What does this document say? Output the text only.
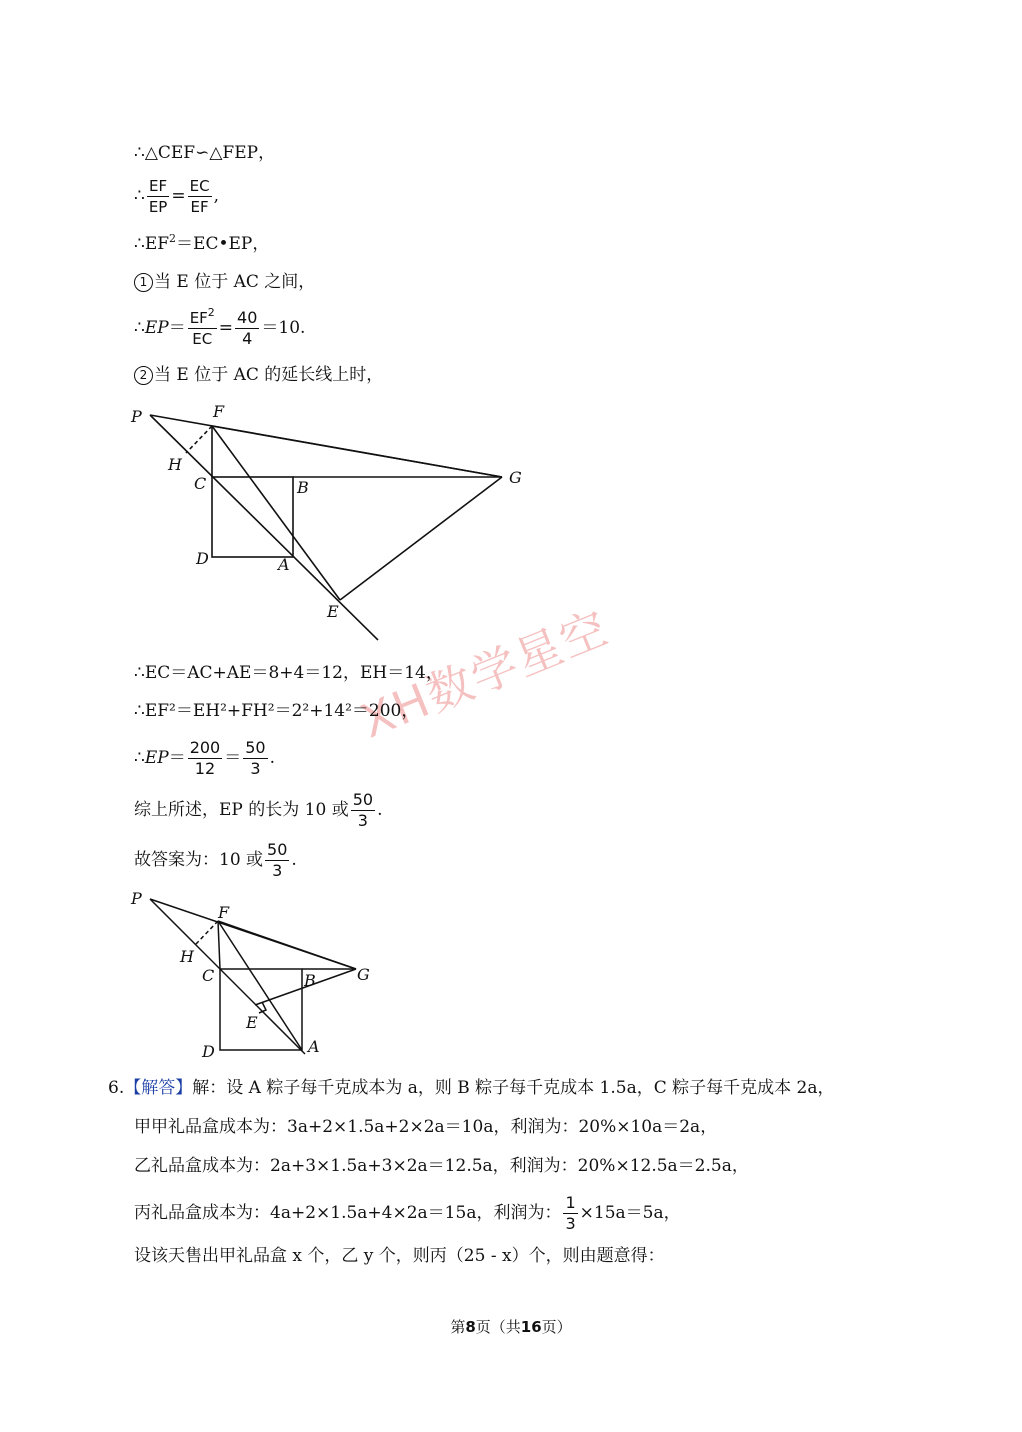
XH数学星空
∴△CEF∽△FEP，
∴ $\frac{EF}{EP} = \frac{EC}{EF}$ ,
$\therefore EF^2=EC•EP$，
1 当 E 位于 AC 之间，
∴EP＝ $\frac{EF^2}{EC} = \frac{40}{4} =10$.
2 当 E 位于 AC 的延长线上时，
P	F
H
C	B
G
D	A
E
∴EC＝AC+AE＝8+4＝12，EH＝14，
∴EF²＝EH²+FH²＝2²+14²＝200，
∴EP＝ $\frac{200}{12} = \frac{50}{3}$ .
综上所述，EP 的长为 10 或 $\frac{50}{3}$ .
故答案为：10 或 $\frac{50}{3}$ .
P
F
H
C	B	G
E
D	A
6.【解答】解：设 A 粽子每千克成本为 a，则 B 粽子每千克成本 1.5a，C 粽子每千克成本 2a，
甲甲礼品盒成本为：3a+2×1.5a+2×2a＝10a，利润为：20%×10a＝2a，
乙礼品盒成本为：2a+3×1.5a+3×2a＝12.5a，利润为：20%×12.5a＝2.5a，
丙礼品盒成本为：4a+2×1.5a+4×2a＝15a，利润为： $\frac{1}{3} \times 15a=5a$，
设该天售出甲礼品盒 x 个，乙 y 个，则丙（25 - x）个，则由题意得：
第8页（共16页）
